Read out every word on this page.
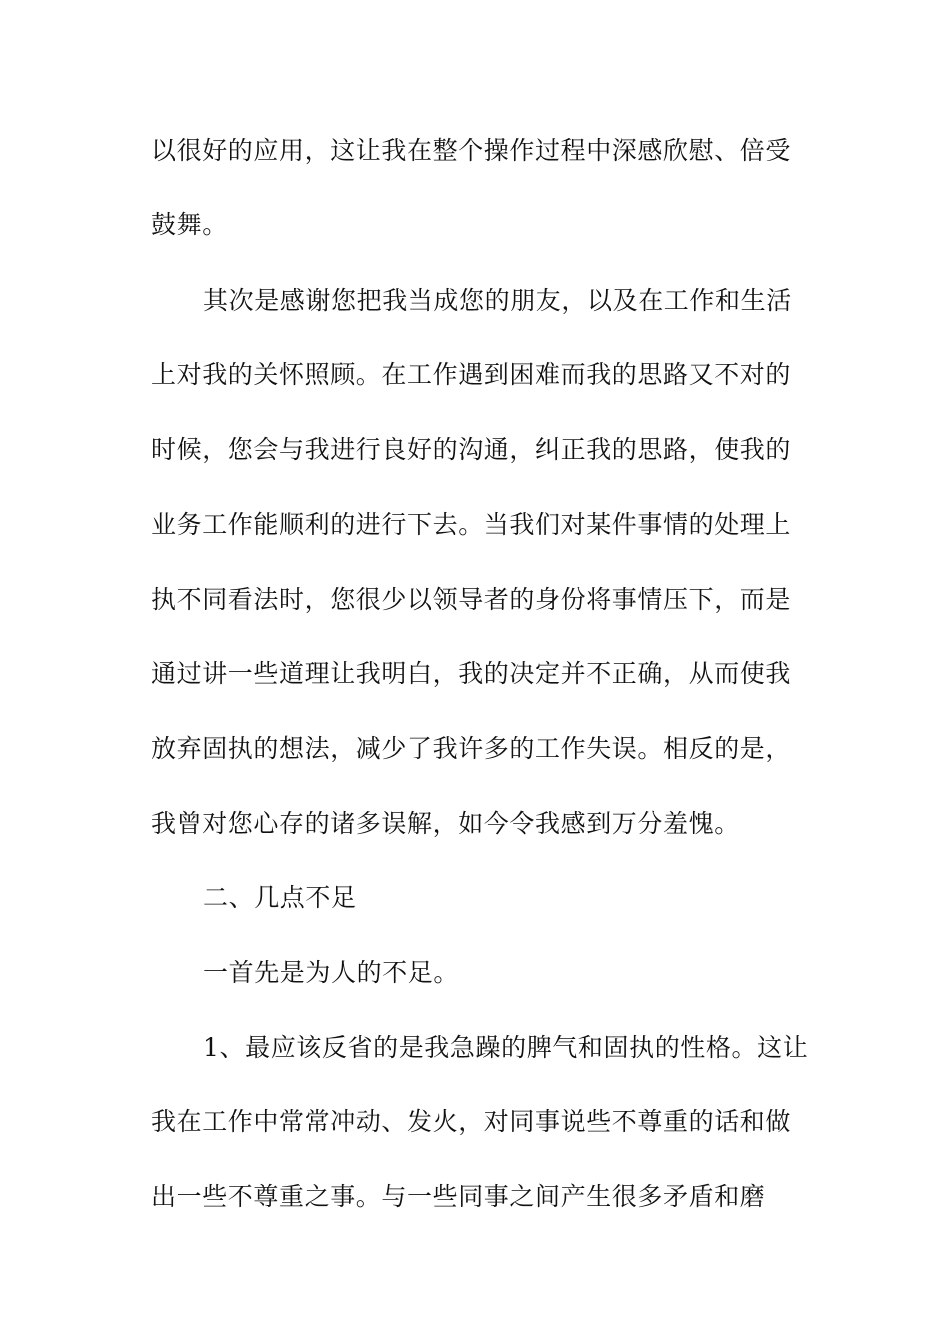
以很好的应用，这让我在整个操作过程中深感欣慰、倍受
鼓舞。
其次是感谢您把我当成您的朋友，以及在工作和生活
上对我的关怀照顾。在工作遇到困难而我的思路又不对的
时候，您会与我进行良好的沟通，纠正我的思路，使我的
业务工作能顺利的进行下去。当我们对某件事情的处理上
执不同看法时，您很少以领导者的身份将事情压下，而是
通过讲一些道理让我明白，我的决定并不正确，从而使我
放弃固执的想法，减少了我许多的工作失误。相反的是，
我曾对您心存的诸多误解，如今令我感到万分羞愧。
二、几点不足
一首先是为人的不足。
1、最应该反省的是我急躁的脾气和固执的性格。这让
我在工作中常常冲动、发火，对同事说些不尊重的话和做
出一些不尊重之事。与一些同事之间产生很多矛盾和磨
